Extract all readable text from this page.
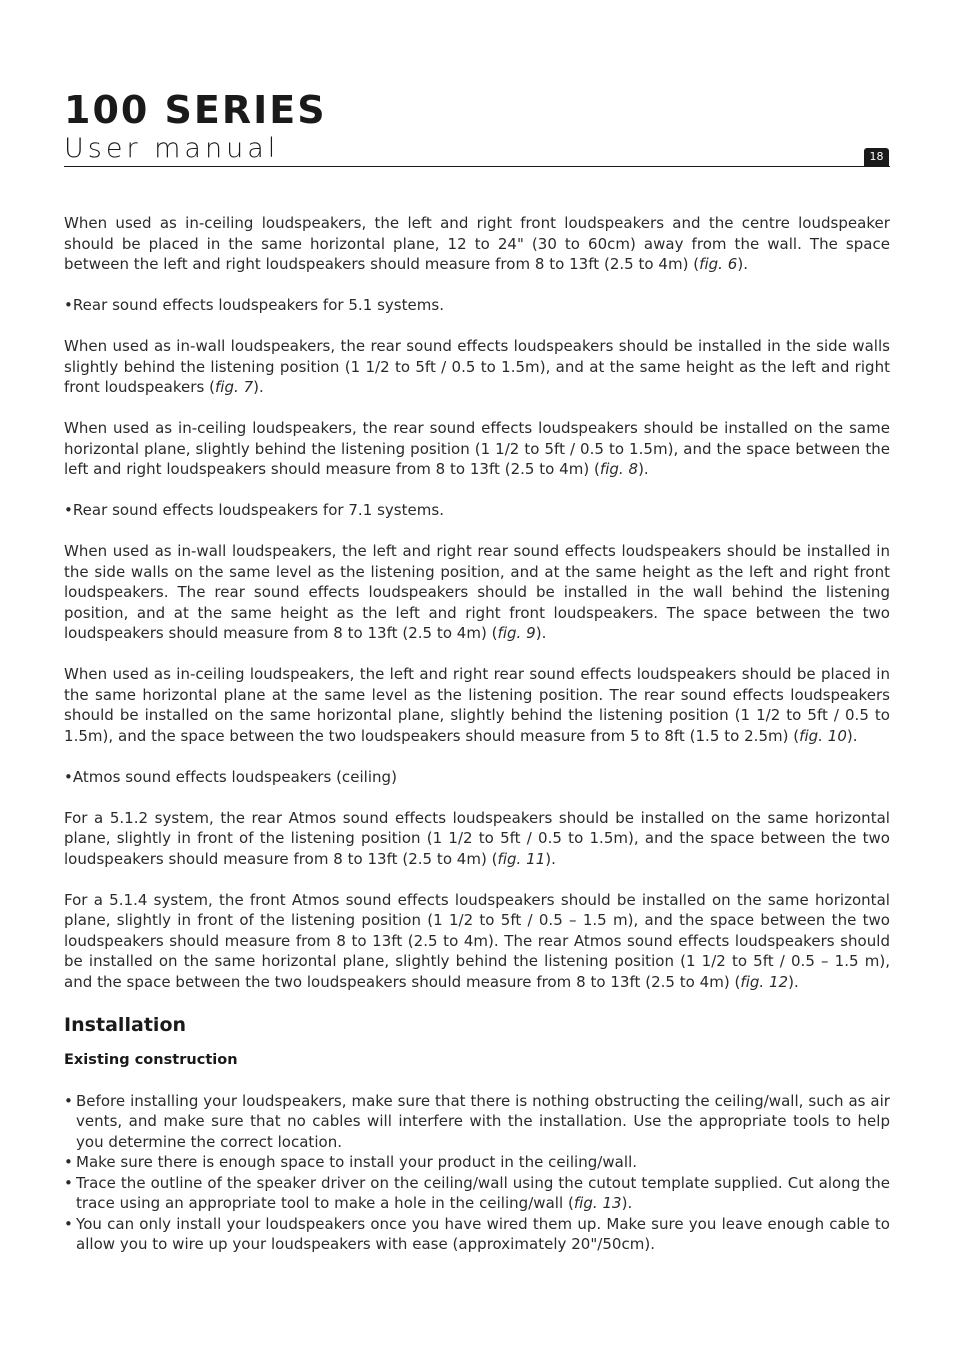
100 SERIES
User manual	18

When used as in-ceiling loudspeakers, the left and right front loudspeakers and the centre loudspeaker should be placed in the same horizontal plane, 12 to 24" (30 to 60cm) away from the wall. The space between the left and right loudspeakers should measure from 8 to 13ft (2.5 to 4m) (fig. 6).

•Rear sound effects loudspeakers for 5.1 systems.

When used as in-wall loudspeakers, the rear sound effects loudspeakers should be installed in the side walls slightly behind the listening position (1 1/2 to 5ft / 0.5 to 1.5m), and at the same height as the left and right front loudspeakers (fig. 7).

When used as in-ceiling loudspeakers, the rear sound effects loudspeakers should be installed on the same horizontal plane, slightly behind the listening position (1 1/2 to 5ft / 0.5 to 1.5m), and the space between the left and right loudspeakers should measure from 8 to 13ft (2.5 to 4m) (fig. 8).

•Rear sound effects loudspeakers for 7.1 systems.

When used as in-wall loudspeakers, the left and right rear sound effects loudspeakers should be installed in the side walls on the same level as the listening position, and at the same height as the left and right front loudspeakers. The rear sound effects loudspeakers should be installed in the wall behind the listening position, and at the same height as the left and right front loudspeakers. The space between the two loudspeakers should measure from 8 to 13ft (2.5 to 4m) (fig. 9).

When used as in-ceiling loudspeakers, the left and right rear sound effects loudspeakers should be placed in the same horizontal plane at the same level as the listening position. The rear sound effects loudspeakers should be installed on the same horizontal plane, slightly behind the listening position (1 1/2 to 5ft / 0.5 to 1.5m), and the space between the two loudspeakers should measure from 5 to 8ft (1.5 to 2.5m) (fig. 10).

•Atmos sound effects loudspeakers (ceiling)

For a 5.1.2 system, the rear Atmos sound effects loudspeakers should be installed on the same horizontal plane, slightly in front of the listening position (1 1/2 to 5ft / 0.5 to 1.5m), and the space between the two loudspeakers should measure from 8 to 13ft (2.5 to 4m) (fig. 11).

For a 5.1.4 system, the front Atmos sound effects loudspeakers should be installed on the same horizontal plane, slightly in front of the listening position (1 1/2 to 5ft / 0.5 – 1.5 m), and the space between the two loudspeakers should measure from 8 to 13ft (2.5 to 4m). The rear Atmos sound effects loudspeakers should be installed on the same horizontal plane, slightly behind the listening position (1 1/2 to 5ft / 0.5 – 1.5 m), and the space between the two loudspeakers should measure from 8 to 13ft (2.5 to 4m) (fig. 12).

Installation
Existing construction
• Before installing your loudspeakers, make sure that there is nothing obstructing the ceiling/wall, such as air vents, and make sure that no cables will interfere with the installation. Use the appropriate tools to help you determine the correct location.
• Make sure there is enough space to install your product in the ceiling/wall.
• Trace the outline of the speaker driver on the ceiling/wall using the cutout template supplied. Cut along the trace using an appropriate tool to make a hole in the ceiling/wall (fig. 13).
• You can only install your loudspeakers once you have wired them up. Make sure you leave enough cable to allow you to wire up your loudspeakers with ease (approximately 20"/50cm).
